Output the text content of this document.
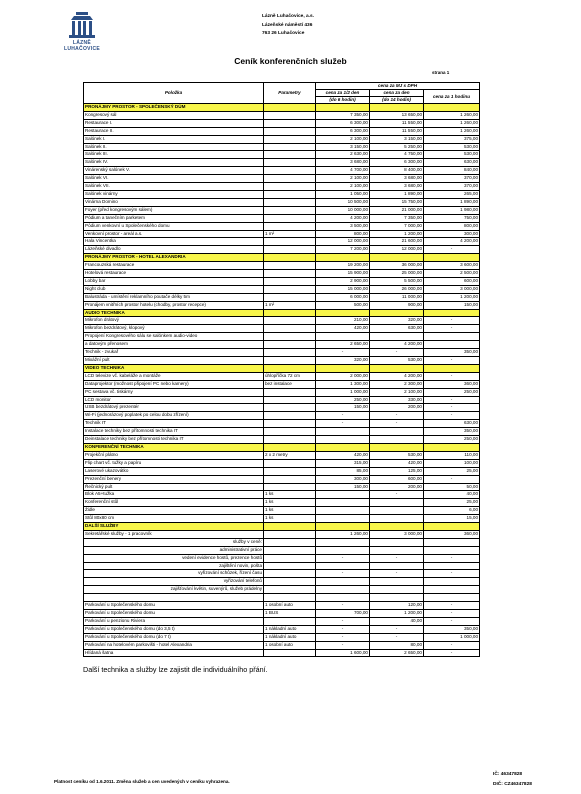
LÁZNĚ LUHAČOVICE
Lázně Luhačovice, a.s.
Lázeňské náměstí 436
763 26 Luhačovice
Ceník konferenčních služeb
strana 1
Položka	Parametry	cena za MJ s DPH		
		cena za 1/2 den	cena za den	cena za 1 hodinu
		(do 6 hodin)	(do 14 hodin)	
PRONÁJMY PROSTOR - SPOLEČENSKÝ DŮM				
Kongresový sál		7 350,00	13 650,00	1 260,00
Restaurace I.		6 300,00	11 550,00	1 260,00
Restaurace II.		6 300,00	11 550,00	1 260,00
Salónek I.		2 100,00	3 150,00	375,00
Salónek II.		3 150,00	5 250,00	530,00
Salónek III.		2 630,00	4 750,00	530,00
Salónek IV.		3 680,00	6 300,00	630,00
Vinárenský salónek V.		4 700,00	8 400,00	840,00
Salónek VI.		2 100,00	3 680,00	370,00
Salónek VII.		2 100,00	3 680,00	370,00
Salónek vinárny		1 050,00	1 890,00	265,00
Vinárna Domino		10 500,00	15 750,00	1 890,00
Foyer (před kongresovým sálem)		10 000,00	21 000,00	1 980,00
Pódium a tanečním parketem		4 200,00	7 350,00	750,00
Pódium venkovní u Společenského domu		3 500,00	7 000,00	800,00
Venkovní prostor - areál a.s.	1 m²	800,00	1 200,00	300,00
Hala Vincentka		12 000,00	21 600,00	4 200,00
Lázeňské divadlo		7 200,00	12 000,00	-
PRONÁJMY PROSTOR - HOTEL ALEXANDRIA				
Francouzská restaurace		19 200,00	36 000,00	3 600,00
Hotelová restaurace		15 900,00	25 000,00	2 500,00
Lobby bar		2 900,00	5 500,00	600,00
Night club		15 000,00	26 000,00	3 000,00
Balustráda - umístění reklamního poutače délky 5m		6 000,00	11 000,00	1 200,00
Pronájem vnitřních prostor hotelu (chodby, prostor recepce)	1 m²	500,00	900,00	150,00
AUDIO TECHNIKA				
Mikrofon drátový		210,00	320,00	-
Mikrofon bezdrátový, klopový		420,00	630,00	-
Propojení Kongresového sálu se salónkem audio-video				
a datovým přenosem		2 650,00	4 200,00	
Technik - zvukař		-	-	350,00
Mixážní pult		320,00	530,00	-
VIDEO TECHNIKA				
LCD televize vč. kabeláže a montáže	úhlopříčka 72 cm	2 000,00	4 200,00	-
Dataprojektor (možnost připojení PC nebo kamery)	bez instalace	1 300,00	2 300,00	360,00
PC sestava vč. tiskárny		1 000,00	2 100,00	250,00
LCD monitor		250,00	330,00	-
USB bezdrátový prezentér		150,00	200,00	-
Wi-Fi (jednorázový poplatek po celou dobu zřízení)		-	-	-
Technik IT		-	-	630,00
Instalace techniky bez přítomnosti technika IT				350,00
Deinstalace techniky bez přítomnosti technika IT				250,00
KONFERENČNÍ TECHNIKA				
Projekční plátno	2 x 2 metry	420,00	530,00	110,00
Flip chart vč. tužky a papíru		315,00	420,00	100,00
Laserové ukazovátko		85,00	125,00	25,00
Prezenční benery		300,00	600,00	-
Řečnický pult		150,00	200,00	50,00
Blok A5+tužka	1 ks		-	40,00
Konferenční stůl	1 ks			25,00
Židle	1 ks			6,00
Stůl 80x80 cm	1 ks			15,00
DALŠÍ SLUŽBY				
Sekretářské služby - 1 pracovník		1 260,00	3 000,00	360,00
služby v ceně:				
administrativní práce				
vedení evidence hostů, prezence hostů		-	-	-
zajištění novin, pošta				
vyřizování schůzek, řízení času		-	-	-
vyřizování telefonů				
zajišťování květin, suvenýrů, služeb prádelny				

Parkování u Společenského domu	1 osobní auto	-	120,00	-
Parkování u Společenského domu	1 BUS	700,00	1 200,00	-
Parkování u penzionu Riviera		-	40,00	-
Parkování u Společenského domu (do 3,5 t)	1 nákladní auto	-	-	350,00
Parkování u Společenského domu (do 7 t)	1 nákladní auto	-	-	1 000,00
Parkování na hotelovém parkovišti - hotel Alexandria	1 osobní auto	-	80,00	-
Hlídaná šatna		1 600,00	2 650,00	-
Další technika a služby lze zajistit dle individuálního přání.
Platnost ceníku od 1.6.2011. Změna služeb a cen uvedených v ceníku vyhrazena.
IČ: 46347828
DIČ: CZ46347828
